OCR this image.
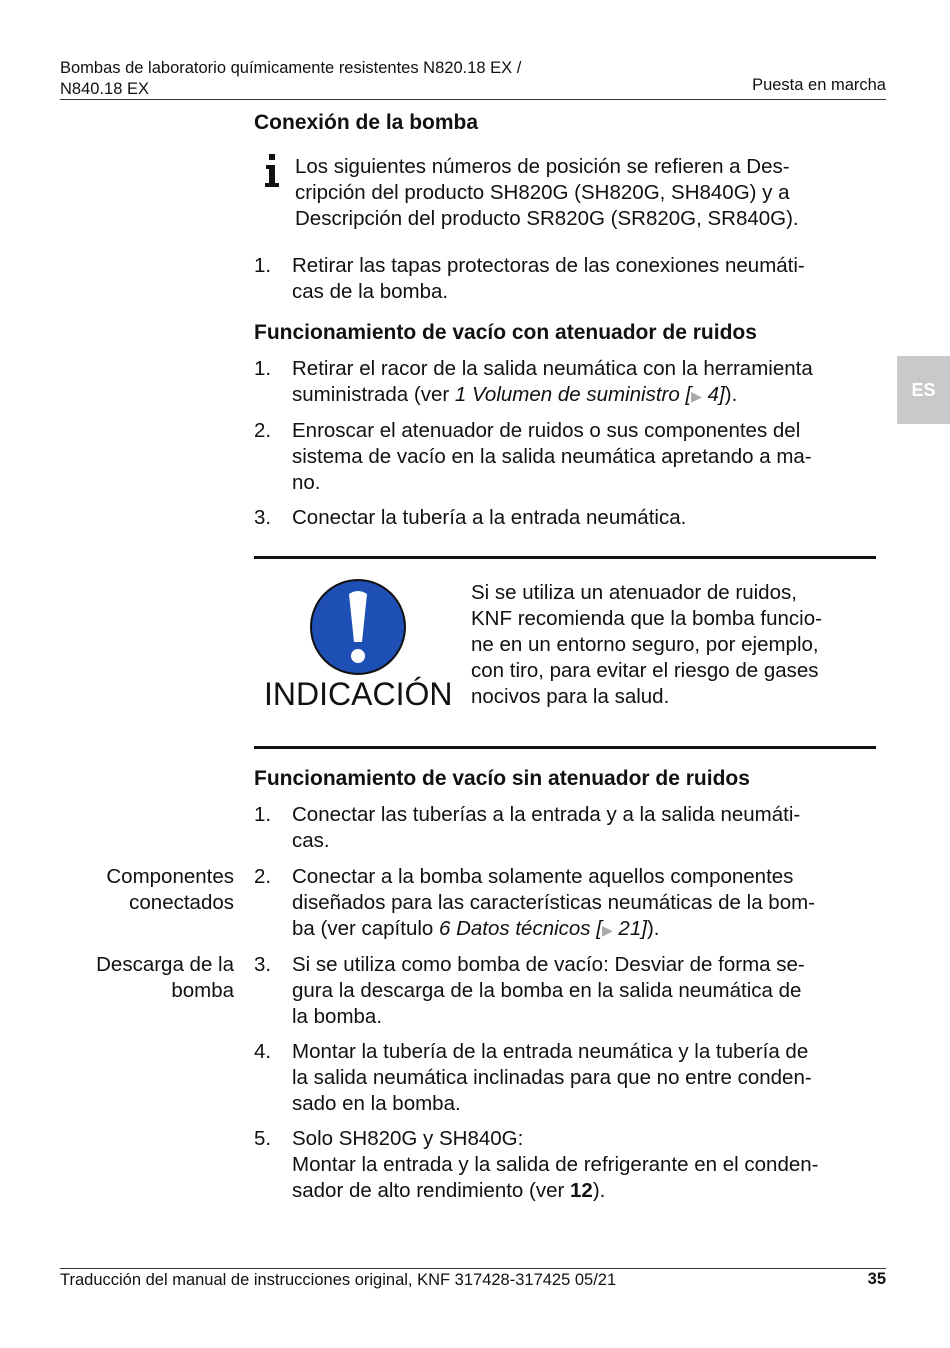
Bombas de laboratorio químicamente resistentes N820.18 EX /
N840.18 EX	Puesta en marcha
ES
Conexión de la bomba
Los siguientes números de posición se refieren a Des-
cripción del producto SH820G (SH820G, SH840G) y a
Descripción del producto SR820G (SR820G, SR840G).
1.	Retirar las tapas protectoras de las conexiones neumáti-
cas de la bomba.
Funcionamiento de vacío con atenuador de ruidos
1.	Retirar el racor de la salida neumática con la herramienta
suministrada (ver 1 Volumen de suministro [▶ 4]).
2.	Enroscar el atenuador de ruidos o sus componentes del
sistema de vacío en la salida neumática apretando a ma-
no.
3.	Conectar la tubería a la entrada neumática.
INDICACIÓN
Si se utiliza un atenuador de ruidos,
KNF recomienda que la bomba funcio-
ne en un entorno seguro, por ejemplo,
con tiro, para evitar el riesgo de gases
nocivos para la salud.
Funcionamiento de vacío sin atenuador de ruidos
1.	Conectar las tuberías a la entrada y a la salida neumáti-
cas.
Componentes
conectados
2.	Conectar a la bomba solamente aquellos componentes
diseñados para las características neumáticas de la bom-
ba (ver capítulo 6 Datos técnicos [▶ 21]).
Descarga de la
bomba
3.	Si se utiliza como bomba de vacío: Desviar de forma se-
gura la descarga de la bomba en la salida neumática de
la bomba.
4.	Montar la tubería de la entrada neumática y la tubería de
la salida neumática inclinadas para que no entre conden-
sado en la bomba.
5.	Solo SH820G y SH840G:
Montar la entrada y la salida de refrigerante en el conden-
sador de alto rendimiento (ver 12).
Traducción del manual de instrucciones original, KNF 317428-317425 05/21	35
